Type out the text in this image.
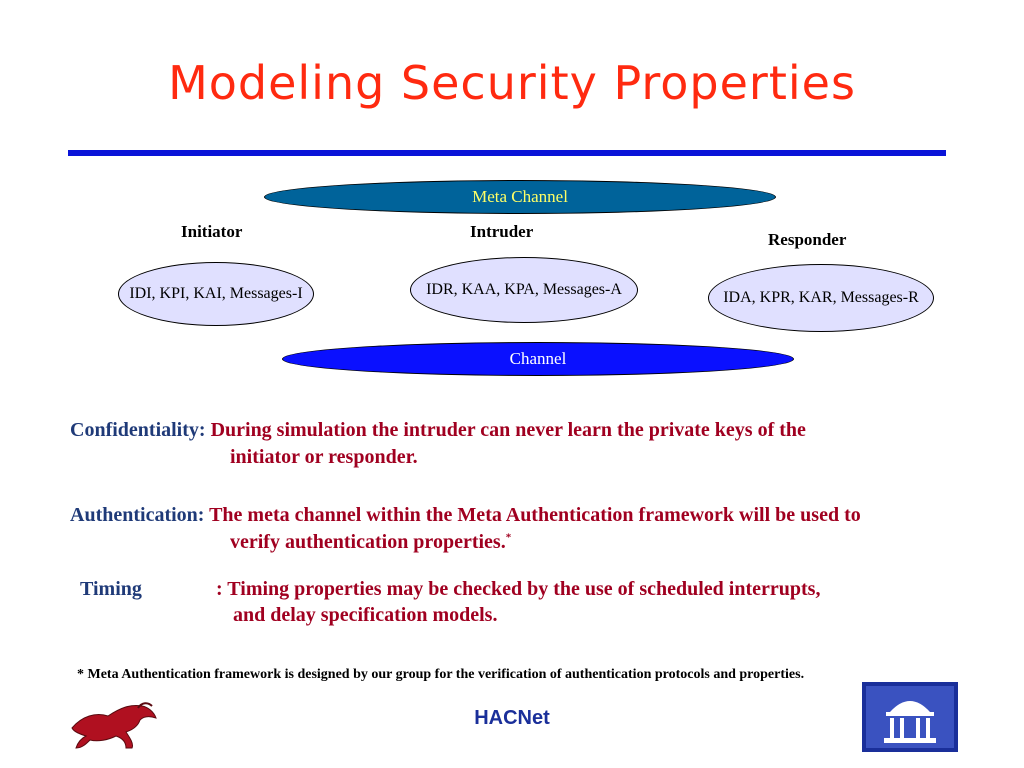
Modeling Security Properties
Meta Channel
Initiator	Intruder	Responder
IDI, KPI, KAI, Messages-I	IDR, KAA, KPA, Messages-A	IDA, KPR, KAR, Messages-R
Channel
Confidentiality: During simulation the intruder can never learn the private keys of the
initiator or responder.
Authentication: The meta channel within the Meta Authentication framework will be used to
verify authentication properties.*
Timing	: Timing properties may be checked by the use of scheduled interrupts,
and delay specification models.
* Meta Authentication framework is designed by our group for the verification of authentication protocols and properties.
HACNet
